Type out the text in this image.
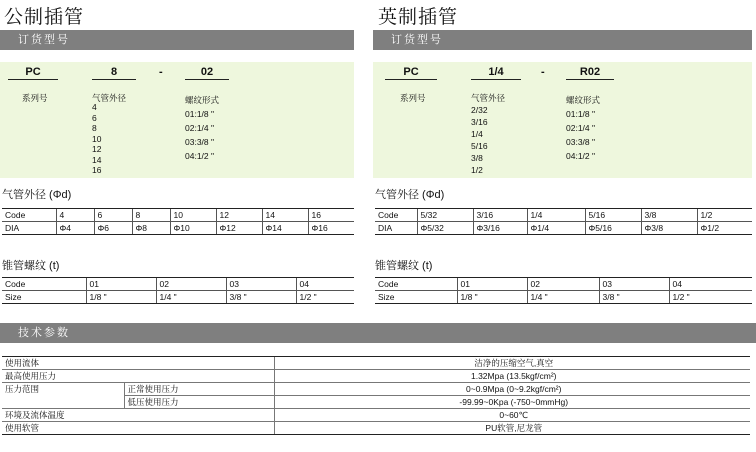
公制插管
订货型号
PC	8	-	02
系列号	气管外径
4
6
8
10
12
14
16
螺纹形式
01:1/8 "
02:1/4 "
03:3/8 "
04:1/2 "
气管外径 (Φd)
Code	4	6	8	10	12	14	16
DIA	Φ4	Φ6	Φ8	Φ10	Φ12	Φ14	Φ16
锥管螺纹 (t)
Code	01	02	03	04
Size	1/8 "	1/4 "	3/8 "	1/2 "
英制插管
订货型号
PC	1/4	-	R02
系列号	气管外径
2/32
3/16
1/4
5/16
3/8
1/2
螺纹形式
01:1/8 "
02:1/4 "
03:3/8 "
04:1/2 "
气管外径 (Φd)
Code	5/32	3/16	1/4	5/16	3/8	1/2
DIA	Φ5/32	Φ3/16	Φ1/4	Φ5/16	Φ3/8	Φ1/2
锥管螺纹 (t)
Code	01	02	03	04
Size	1/8 "	1/4 "	3/8 "	1/2 "
技术参数
使用流体		洁净的压缩空气,真空
最高使用压力		1.32Mpa (13.5kgf/cm²)
压力范围	正常使用压力	0~0.9Mpa (0~9.2kgf/cm²)
	低压使用压力	-99.99~0Kpa (-750~0mmHg)
环境及流体温度		0~60℃
使用软管		PU软管,尼龙管
